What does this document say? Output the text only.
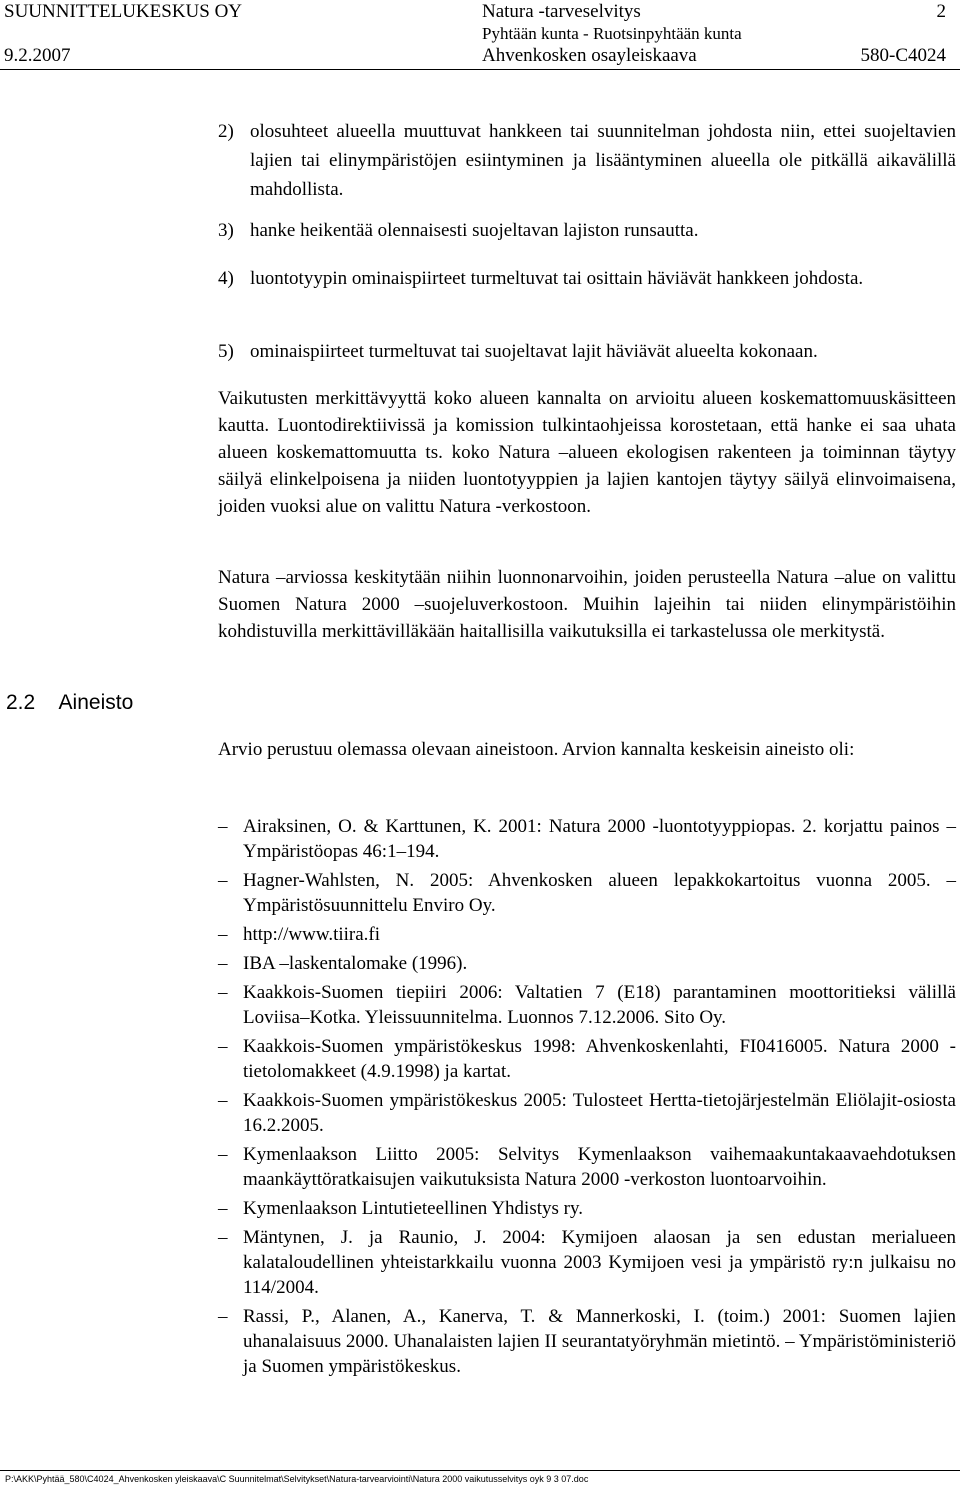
SUUNNITTELUKESKUS OY
9.2.2007
Natura -tarveselvitys
Pyhtään kunta - Ruotsinpyhtään kunta
Ahvenkosken osayleiskaava
2
580-C4024
2) olosuhteet alueella muuttuvat hankkeen tai suunnitelman johdosta niin, ettei suojeltavien lajien tai elinympäristöjen esiintyminen ja lisääntyminen alueella ole pitkällä aikavälillä mahdollista.
3) hanke heikentää olennaisesti suojeltavan lajiston runsautta.
4) luontotyypin ominaispiirteet turmeltuvat tai osittain häviävät hankkeen johdosta.
5) ominaispiirteet turmeltuvat tai suojeltavat lajit häviävät alueelta kokonaan.

Vaikutusten merkittävyyttä koko alueen kannalta on arvioitu alueen koskemattomuuskäsitteen kautta. Luontodirektiivissä ja komission tulkintaohjeissa korostetaan, että hanke ei saa uhata alueen koskemattomuutta ts. koko Natura –alueen ekologisen rakenteen ja toiminnan täytyy säilyä elinkelpoisena ja niiden luontotyyppien ja lajien kantojen täytyy säilyä elinvoimaisena, joiden vuoksi alue on valittu Natura -verkostoon.

Natura –arviossa keskitytään niihin luonnonarvoihin, joiden perusteella Natura –alue on valittu Suomen Natura 2000 –suojeluverkostoon. Muihin lajeihin tai niiden elinympäristöihin kohdistuvilla merkittävilläkään haitallisilla vaikutuksilla ei tarkastelussa ole merkitystä.

2.2 Aineisto

Arvio perustuu olemassa olevaan aineistoon. Arvion kannalta keskeisin aineisto oli:

– Airaksinen, O. & Karttunen, K. 2001: Natura 2000 -luontotyyppiopas. 2. korjattu painos – Ympäristöopas 46:1–194.
– Hagner-Wahlsten, N. 2005: Ahvenkosken alueen lepakkokartoitus vuonna 2005. – Ympäristösuunnittelu Enviro Oy.
– http://www.tiira.fi
– IBA –laskentalomake (1996).
– Kaakkois-Suomen tiepiiri 2006: Valtatien 7 (E18) parantaminen moottoritieksi välillä Loviisa–Kotka. Yleissuunnitelma. Luonnos 7.12.2006. Sito Oy.
– Kaakkois-Suomen ympäristökeskus 1998: Ahvenkoskenlahti, FI0416005. Natura 2000 -tietolomakkeet (4.9.1998) ja kartat.
– Kaakkois-Suomen ympäristökeskus 2005: Tulosteet Hertta-tietojärjestelmän Eliölajit-osiosta 16.2.2005.
– Kymenlaakson Liitto 2005: Selvitys Kymenlaakson vaihemaakuntakaavaehdotuksen maankäyttöratkaisujen vaikutuksista Natura 2000 -verkoston luontoarvoihin.
– Kymenlaakson Lintutieteellinen Yhdistys ry.
– Mäntynen, J. ja Raunio, J. 2004: Kymijoen alaosan ja sen edustan merialueen kalataloudellinen yhteistarkkailu vuonna 2003 Kymijoen vesi ja ympäristö ry:n julkaisu no 114/2004.
– Rassi, P., Alanen, A., Kanerva, T. & Mannerkoski, I. (toim.) 2001: Suomen lajien uhanalaisuus 2000. Uhanalaisten lajien II seurantatyöryhmän mietintö. – Ympäristöministeriö ja Suomen ympäristökeskus.
P:\AKK\Pyhtää_580\C4024_Ahvenkosken yleiskaava\C Suunnitelmat\Selvitykset\Natura-tarvearviointi\Natura 2000 vaikutusselvitys oyk 9 3 07.doc
